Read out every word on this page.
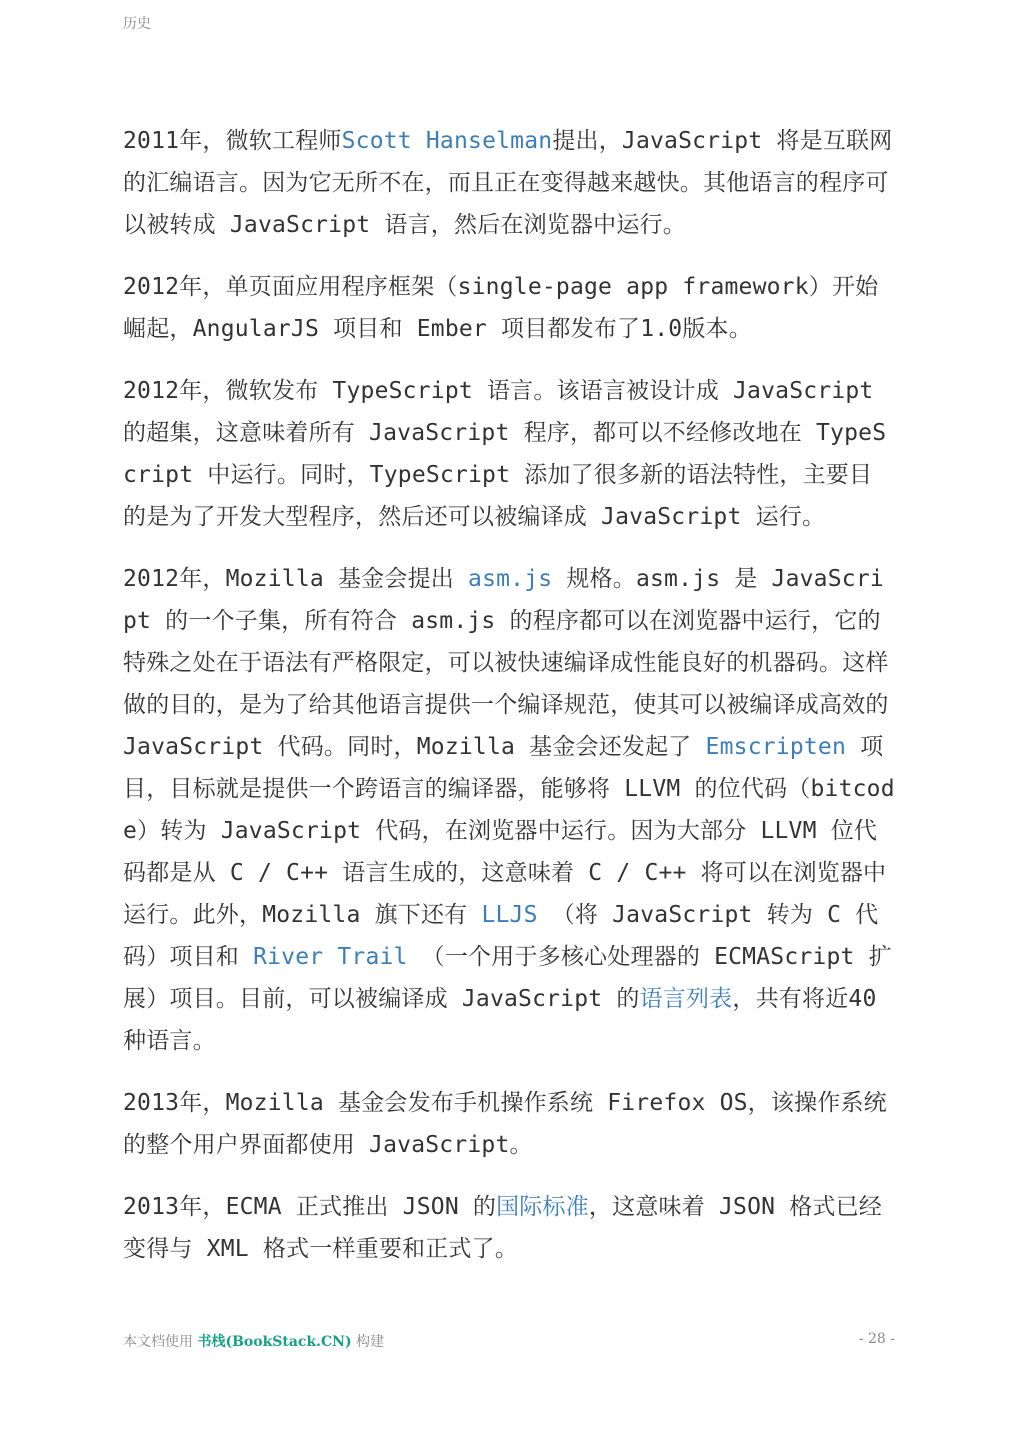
历史

2011年，微软工程师Scott Hanselman提出，JavaScript 将是互联网的汇编语言。因为它无所不在，而且正在变得越来越快。其他语言的程序可以被转成 JavaScript 语言，然后在浏览器中运行。

2012年，单页面应用程序框架（single-page app framework）开始崛起，AngularJS 项目和 Ember 项目都发布了1.0版本。

2012年，微软发布 TypeScript 语言。该语言被设计成 JavaScript 的超集，这意味着所有 JavaScript 程序，都可以不经修改地在 TypeScript 中运行。同时，TypeScript 添加了很多新的语法特性，主要目的是为了开发大型程序，然后还可以被编译成 JavaScript 运行。

2012年，Mozilla 基金会提出 asm.js 规格。asm.js 是 JavaScript 的一个子集，所有符合 asm.js 的程序都可以在浏览器中运行，它的特殊之处在于语法有严格限定，可以被快速编译成性能良好的机器码。这样做的目的，是为了给其他语言提供一个编译规范，使其可以被编译成高效的 JavaScript 代码。同时，Mozilla 基金会还发起了 Emscripten 项目，目标就是提供一个跨语言的编译器，能够将 LLVM 的位代码（bitcode）转为 JavaScript 代码，在浏览器中运行。因为大部分 LLVM 位代码都是从 C / C++ 语言生成的，这意味着 C / C++ 将可以在浏览器中运行。此外，Mozilla 旗下还有 LLJS （将 JavaScript 转为 C 代码）项目和 River Trail （一个用于多核心处理器的 ECMAScript 扩展）项目。目前，可以被编译成 JavaScript 的语言列表，共有将近40种语言。

2013年，Mozilla 基金会发布手机操作系统 Firefox OS，该操作系统的整个用户界面都使用 JavaScript。

2013年，ECMA 正式推出 JSON 的国际标准，这意味着 JSON 格式已经变得与 XML 格式一样重要和正式了。

本文档使用 书栈(BookStack.CN) 构建	- 28 -
